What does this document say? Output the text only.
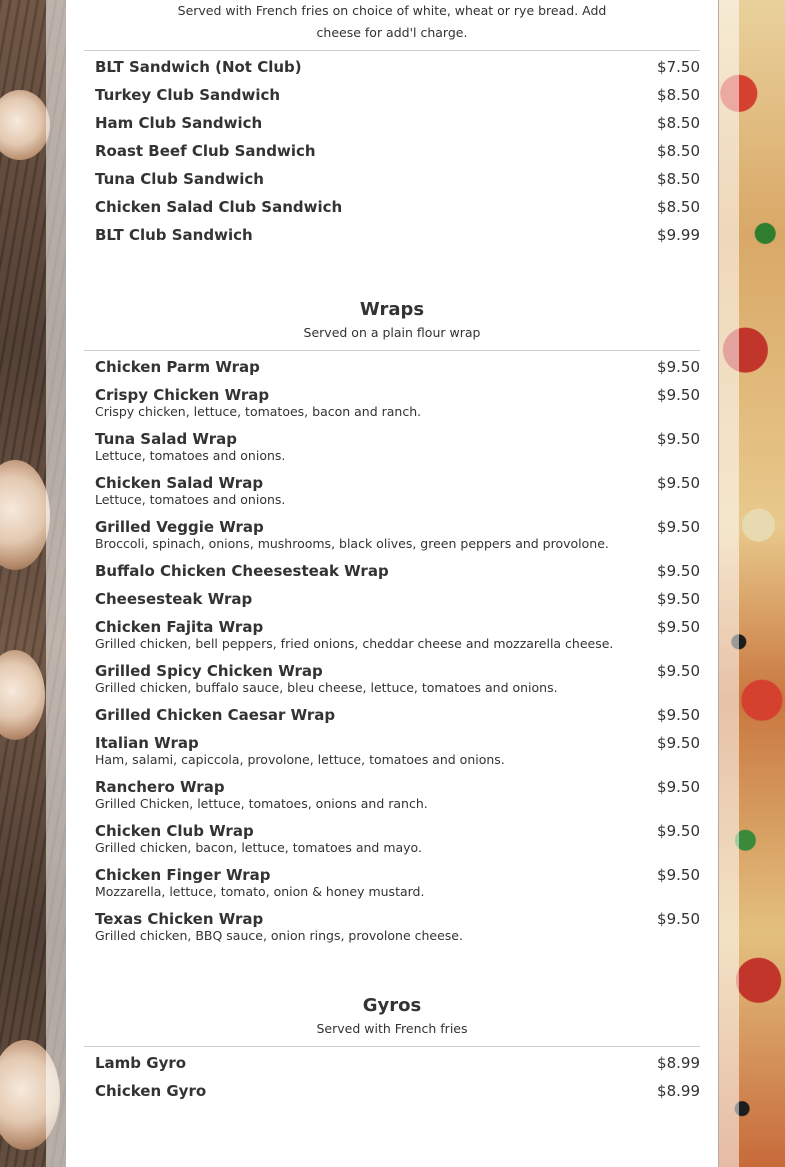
Served with French fries on choice of white, wheat or rye bread. Add cheese for add'l charge.
BLT Sandwich (Not Club)	$7.50
Turkey Club Sandwich	$8.50
Ham Club Sandwich	$8.50
Roast Beef Club Sandwich	$8.50
Tuna Club Sandwich	$8.50
Chicken Salad Club Sandwich	$8.50
BLT Club Sandwich	$9.99
Wraps
Served on a plain flour wrap
Chicken Parm Wrap	$9.50
Crispy Chicken Wrap	$9.50
Crispy chicken, lettuce, tomatoes, bacon and ranch.
Tuna Salad Wrap	$9.50
Lettuce, tomatoes and onions.
Chicken Salad Wrap	$9.50
Lettuce, tomatoes and onions.
Grilled Veggie Wrap	$9.50
Broccoli, spinach, onions, mushrooms, black olives, green peppers and provolone.
Buffalo Chicken Cheesesteak Wrap	$9.50
Cheesesteak Wrap	$9.50
Chicken Fajita Wrap	$9.50
Grilled chicken, bell peppers, fried onions, cheddar cheese and mozzarella cheese.
Grilled Spicy Chicken Wrap	$9.50
Grilled chicken, buffalo sauce, bleu cheese, lettuce, tomatoes and onions.
Grilled Chicken Caesar Wrap	$9.50
Italian Wrap	$9.50
Ham, salami, capiccola, provolone, lettuce, tomatoes and onions.
Ranchero Wrap	$9.50
Grilled Chicken, lettuce, tomatoes, onions and ranch.
Chicken Club Wrap	$9.50
Grilled chicken, bacon, lettuce, tomatoes and mayo.
Chicken Finger Wrap	$9.50
Mozzarella, lettuce, tomato, onion & honey mustard.
Texas Chicken Wrap	$9.50
Grilled chicken, BBQ sauce, onion rings, provolone cheese.
Gyros
Served with French fries
Lamb Gyro	$8.99
Chicken Gyro	$8.99
